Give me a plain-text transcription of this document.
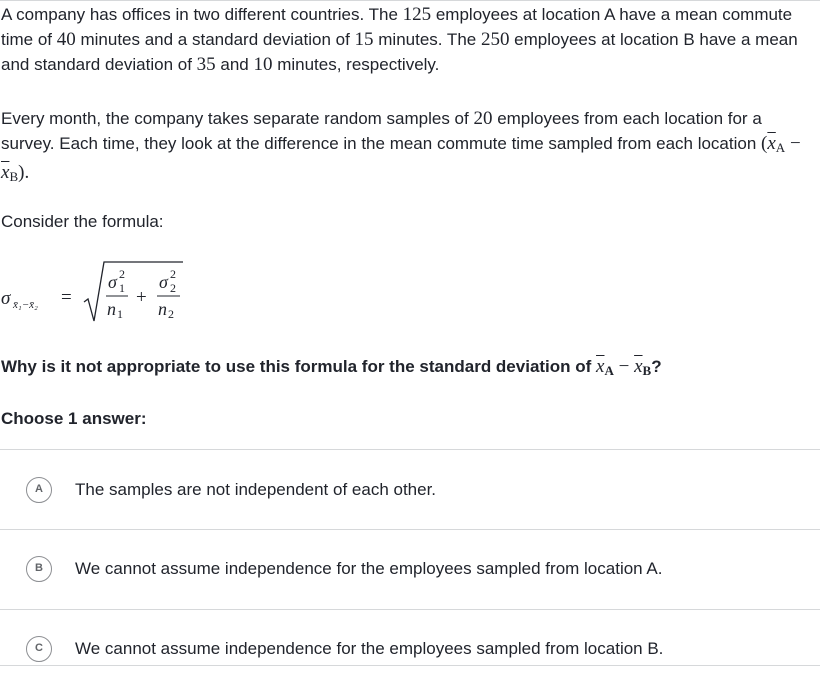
A company has offices in two different countries. The 125 employees at location A have a mean commute time of 40 minutes and a standard deviation of 15 minutes. The 250 employees at location B have a mean and standard deviation of 35 and 10 minutes, respectively.

Every month, the company takes separate random samples of 20 employees from each location for a survey. Each time, they look at the difference in the mean commute time sampled from each location $(\overline{x}_A - \overline{x}_B)$.

Consider the formula:

σ x̄₁−x̄₂ =
σ 2
1
n 1
+
σ 2
2
n 2
Why is it not appropriate to use this formula for the standard deviation of $\overline{x}_A - \overline{x}_B$?
Choose 1 answer:
A	The samples are not independent of each other.
B	We cannot assume independence for the employees sampled from location A.
C	We cannot assume independence for the employees sampled from location B.
